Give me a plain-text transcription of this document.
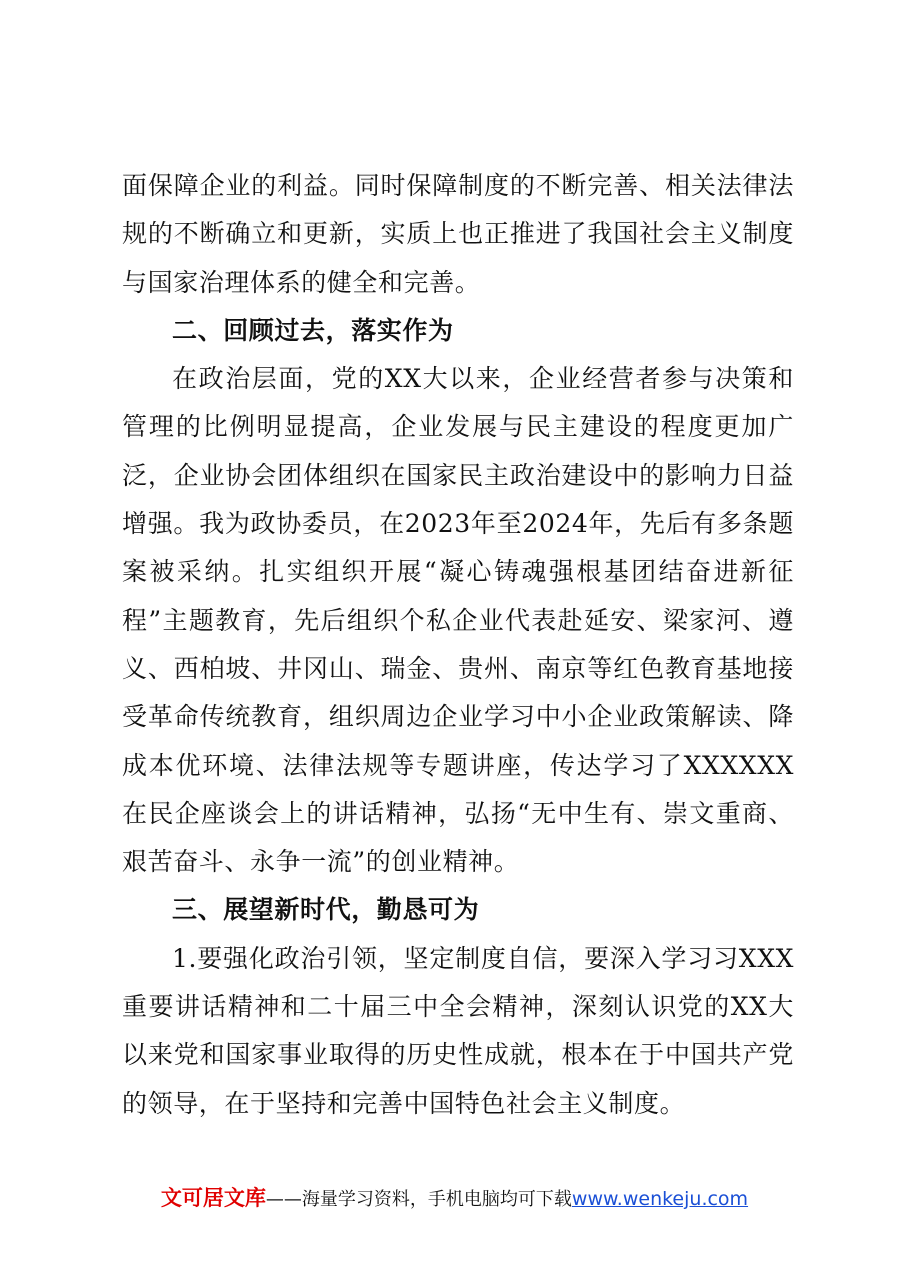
面保障企业的利益。同时保障制度的不断完善、相关法律法规的不断确立和更新，实质上也正推进了我国社会主义制度与国家治理体系的健全和完善。

二、回顾过去，落实作为

在政治层面，党的XX大以来，企业经营者参与决策和管理的比例明显提高，企业发展与民主建设的程度更加广泛，企业协会团体组织在国家民主政治建设中的影响力日益增强。我为政协委员，在2023年至2024年，先后有多条题案被采纳。扎实组织开展“凝心铸魂强根基团结奋进新征程”主题教育，先后组织个私企业代表赴延安、梁家河、遵义、西柏坡、井冈山、瑞金、贵州、南京等红色教育基地接受革命传统教育，组织周边企业学习中小企业政策解读、降成本优环境、法律法规等专题讲座，传达学习了XXXXXX在民企座谈会上的讲话精神，弘扬“无中生有、崇文重商、艰苦奋斗、永争一流”的创业精神。

三、展望新时代，勤恳可为

1.要强化政治引领，坚定制度自信，要深入学习习XXX重要讲话精神和二十届三中全会精神，深刻认识党的XX大以来党和国家事业取得的历史性成就，根本在于中国共产党的领导，在于坚持和完善中国特色社会主义制度。

文可居文库——海量学习资料，手机电脑均可下载www.wenkeju.com
